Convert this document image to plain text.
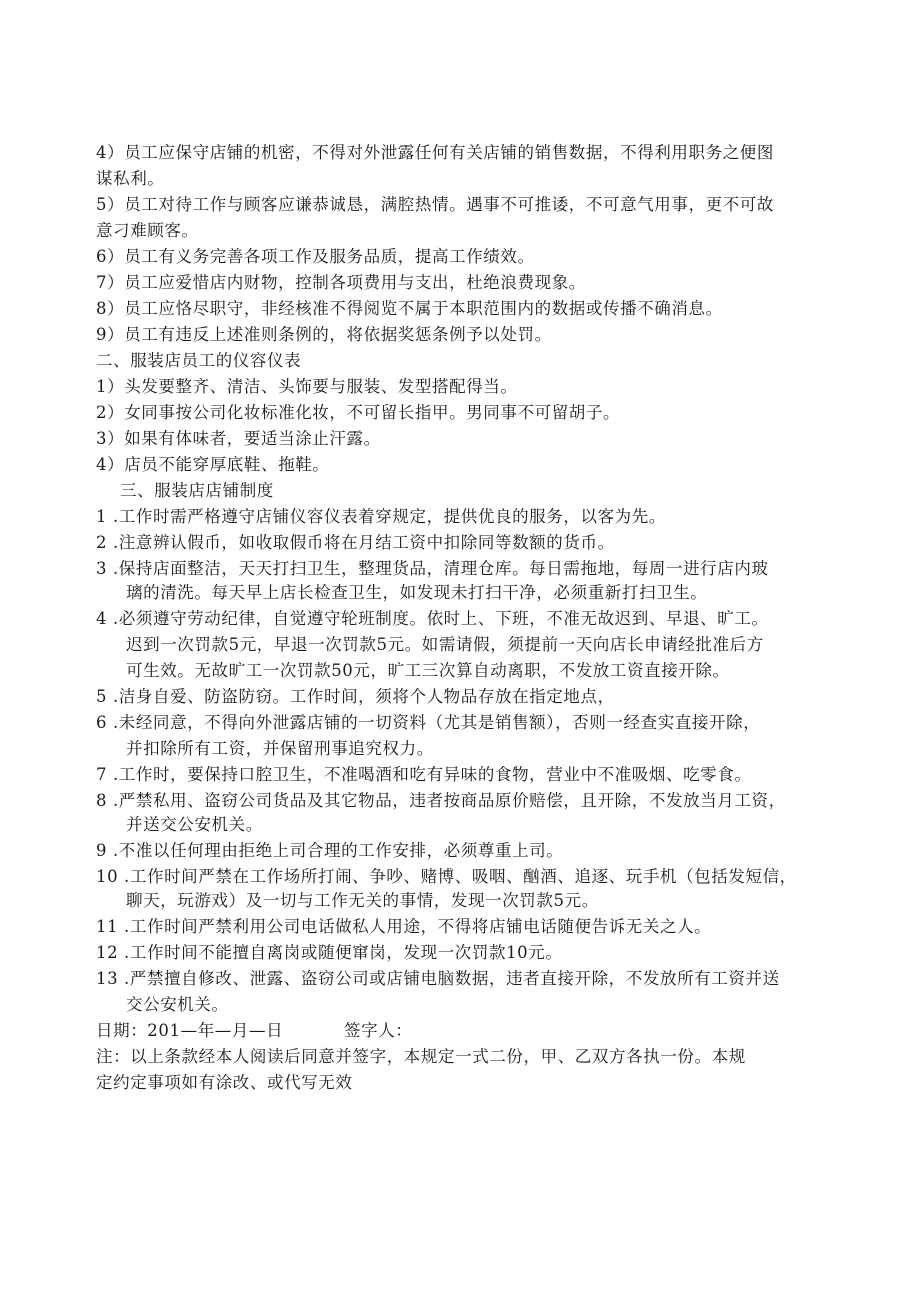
4）员工应保守店铺的机密，不得对外泄露任何有关店铺的销售数据，不得利用职务之便图
谋私利。
5）员工对待工作与顾客应谦恭诚恳，满腔热情。遇事不可推诿，不可意气用事，更不可故
意刁难顾客。
6）员工有义务完善各项工作及服务品质，提高工作绩效。
7）员工应爱惜店内财物，控制各项费用与支出，杜绝浪费现象。
8）员工应恪尽职守，非经核准不得阅览不属于本职范围内的数据或传播不确消息。
9）员工有违反上述准则条例的，将依据奖惩条例予以处罚。
二、服装店员工的仪容仪表
1）头发要整齐、清洁、头饰要与服装、发型搭配得当。
2）女同事按公司化妆标准化妆，不可留长指甲。男同事不可留胡子。
3）如果有体味者，要适当涂止汗露。
4）店员不能穿厚底鞋、拖鞋。
三、服装店店铺制度
1 .工作时需严格遵守店铺仪容仪表着穿规定，提供优良的服务，以客为先。
2 .注意辨认假币，如收取假币将在月结工资中扣除同等数额的货币。
3 .保持店面整洁，天天打扫卫生，整理货品，清理仓库。每日需拖地，每周一进行店内玻
璃的清洗。每天早上店长检查卫生，如发现未打扫干净，必须重新打扫卫生。
4 .必须遵守劳动纪律，自觉遵守轮班制度。依时上、下班，不准无故迟到、早退、旷工。
迟到一次罚款5元，早退一次罚款5元。如需请假，须提前一天向店长申请经批准后方
可生效。无故旷工一次罚款50元，旷工三次算自动离职，不发放工资直接开除。
5 .洁身自爱、防盗防窃。工作时间，须将个人物品存放在指定地点，
6 .未经同意，不得向外泄露店铺的一切资料（尤其是销售额），否则一经查实直接开除，
并扣除所有工资，并保留刑事追究权力。
7 .工作时，要保持口腔卫生，不准喝酒和吃有异味的食物，营业中不准吸烟、吃零食。
8 .严禁私用、盗窃公司货品及其它物品，违者按商品原价赔偿，且开除，不发放当月工资，
并送交公安机关。
9 .不准以任何理由拒绝上司合理的工作安排，必须尊重上司。
10 .工作时间严禁在工作场所打闹、争吵、赌博、吸咽、酗酒、追逐、玩手机（包括发短信，
聊天，玩游戏）及一切与工作无关的事情，发现一次罚款5元。
11 .工作时间严禁利用公司电话做私人用途，不得将店铺电话随便告诉无关之人。
12 .工作时间不能擅自离岗或随便窜岗，发现一次罚款10元。
13 .严禁擅自修改、泄露、盗窃公司或店铺电脑数据，违者直接开除，不发放所有工资并送
交公安机关。
日期：201—年—月—日	签字人：
注：以上条款经本人阅读后同意并签字，本规定一式二份，甲、乙双方各执一份。本规
定约定事项如有涂改、或代写无效
